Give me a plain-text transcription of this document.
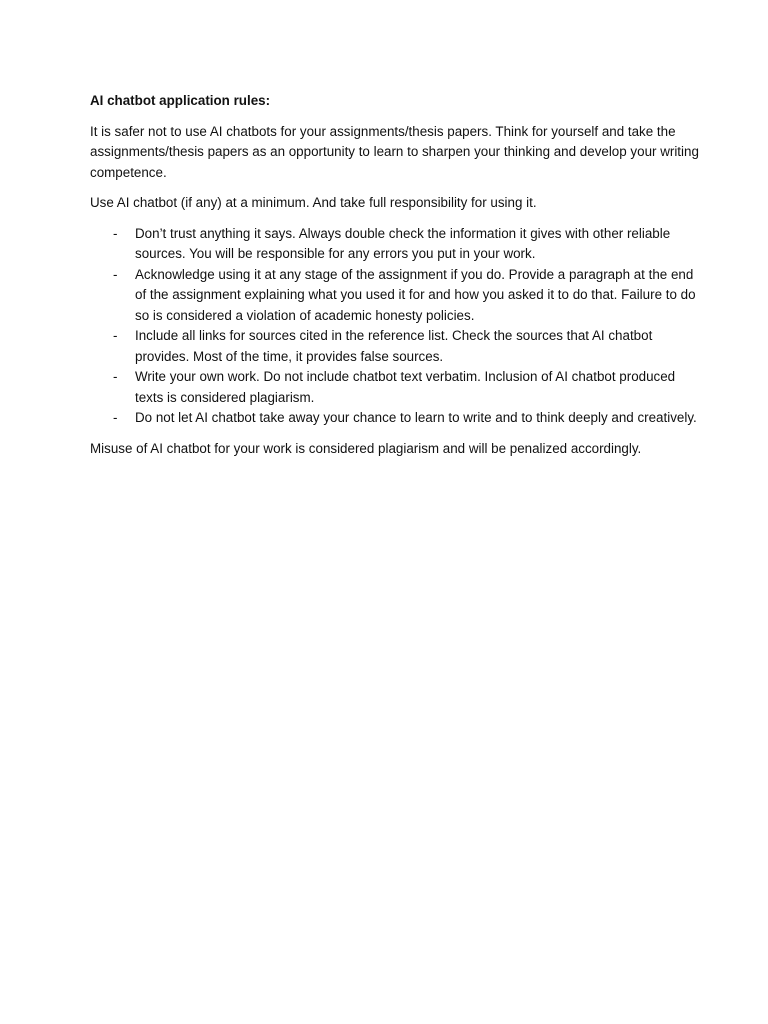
AI chatbot application rules:

It is safer not to use AI chatbots for your assignments/thesis papers. Think for yourself and take the assignments/thesis papers as an opportunity to learn to sharpen your thinking and develop your writing competence.

Use AI chatbot (if any) at a minimum. And take full responsibility for using it.

- Don’t trust anything it says. Always double check the information it gives with other reliable sources. You will be responsible for any errors you put in your work.
- Acknowledge using it at any stage of the assignment if you do. Provide a paragraph at the end of the assignment explaining what you used it for and how you asked it to do that. Failure to do so is considered a violation of academic honesty policies.
- Include all links for sources cited in the reference list. Check the sources that AI chatbot provides. Most of the time, it provides false sources.
- Write your own work. Do not include chatbot text verbatim. Inclusion of AI chatbot produced texts is considered plagiarism.
- Do not let AI chatbot take away your chance to learn to write and to think deeply and creatively.

Misuse of AI chatbot for your work is considered plagiarism and will be penalized accordingly.
